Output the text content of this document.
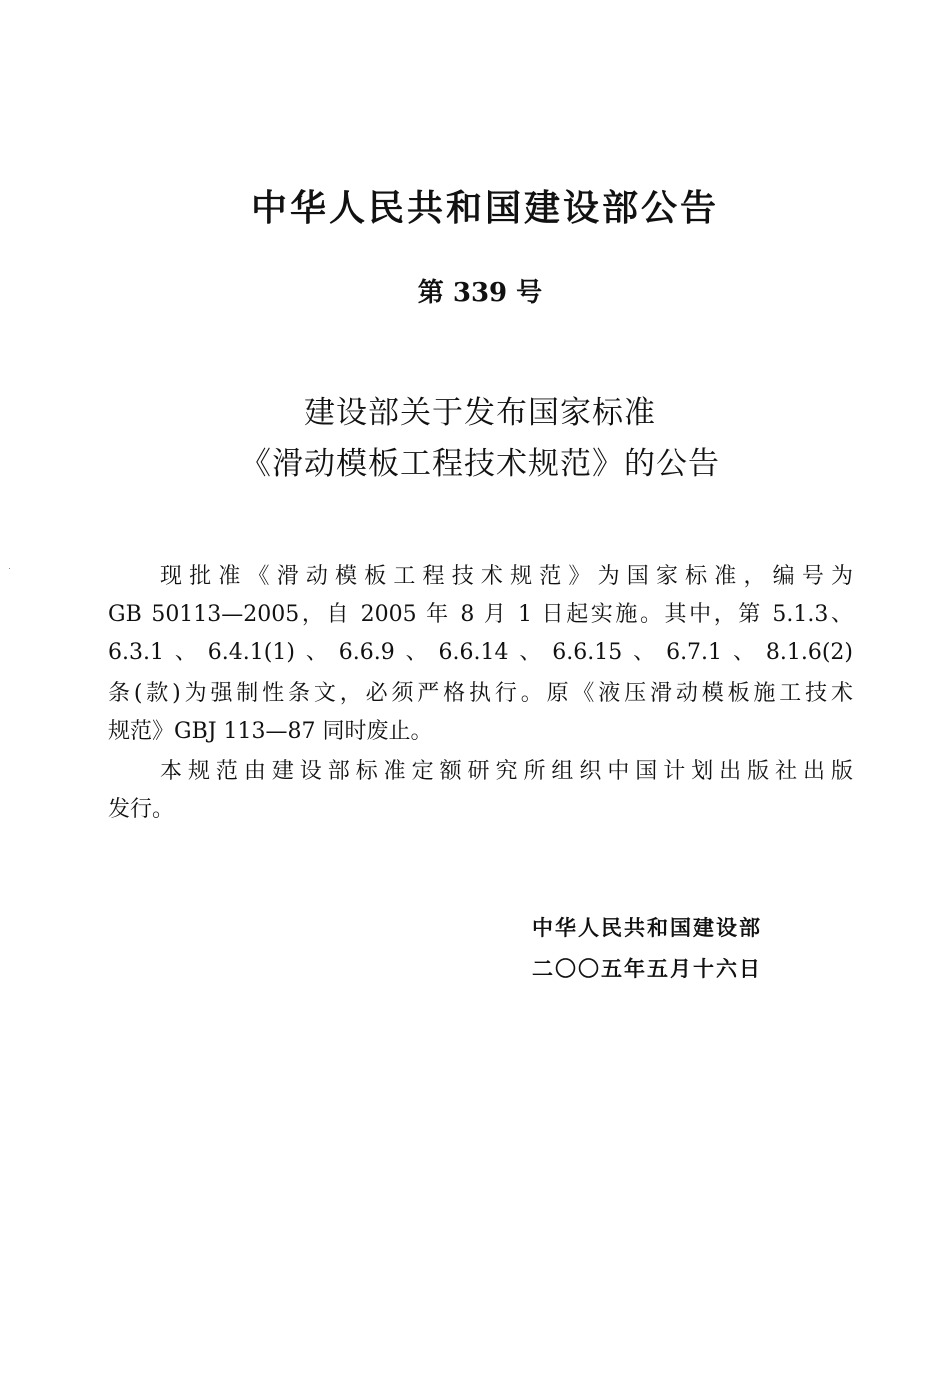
中华人民共和国建设部公告
第 339 号
建设部关于发布国家标准
《滑动模板工程技术规范》的公告
现批准《滑动模板工程技术规范》为国家标准，编号为
GB 50113—2005，自 2005 年 8 月 1 日起实施。其中，第 5.1.3、
6.3.1、6.4.1(1)、6.6.9、6.6.14、6.6.15、6.7.1、8.1.6(2)
条(款)为强制性条文，必须严格执行。原《液压滑动模板施工技术
规范》GBJ 113—87 同时废止。
本规范由建设部标准定额研究所组织中国计划出版社出版
发行。
中华人民共和国建设部
二〇〇五年五月十六日
